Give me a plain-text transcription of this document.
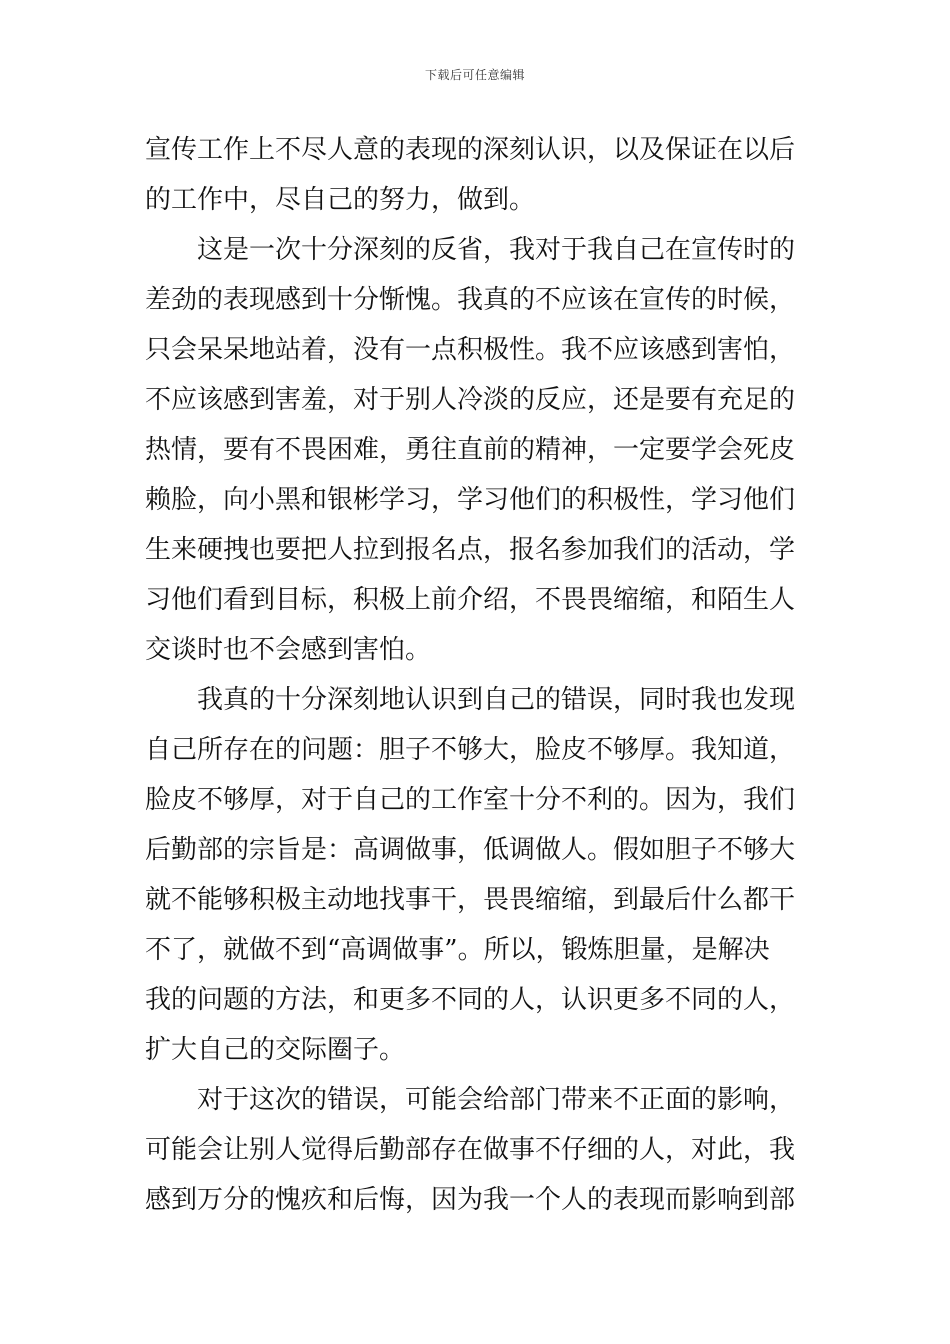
下载后可任意编辑
宣传工作上不尽人意的表现的深刻认识，以及保证在以后
的工作中，尽自己的努力，做到。
这是一次十分深刻的反省，我对于我自己在宣传时的
差劲的表现感到十分惭愧。我真的不应该在宣传的时候，
只会呆呆地站着，没有一点积极性。我不应该感到害怕，
不应该感到害羞，对于别人冷淡的反应，还是要有充足的
热情，要有不畏困难，勇往直前的精神，一定要学会死皮
赖脸，向小黑和银彬学习，学习他们的积极性，学习他们
生来硬拽也要把人拉到报名点，报名参加我们的活动，学
习他们看到目标，积极上前介绍，不畏畏缩缩，和陌生人
交谈时也不会感到害怕。
我真的十分深刻地认识到自己的错误，同时我也发现
自己所存在的问题：胆子不够大，脸皮不够厚。我知道，
脸皮不够厚，对于自己的工作室十分不利的。因为，我们
后勤部的宗旨是：高调做事，低调做人。假如胆子不够大
就不能够积极主动地找事干，畏畏缩缩，到最后什么都干
不了，就做不到“高调做事”。所以，锻炼胆量，是解决
我的问题的方法，和更多不同的人，认识更多不同的人，
扩大自己的交际圈子。
对于这次的错误，可能会给部门带来不正面的影响，
可能会让别人觉得后勤部存在做事不仔细的人，对此，我
感到万分的愧疚和后悔，因为我一个人的表现而影响到部
